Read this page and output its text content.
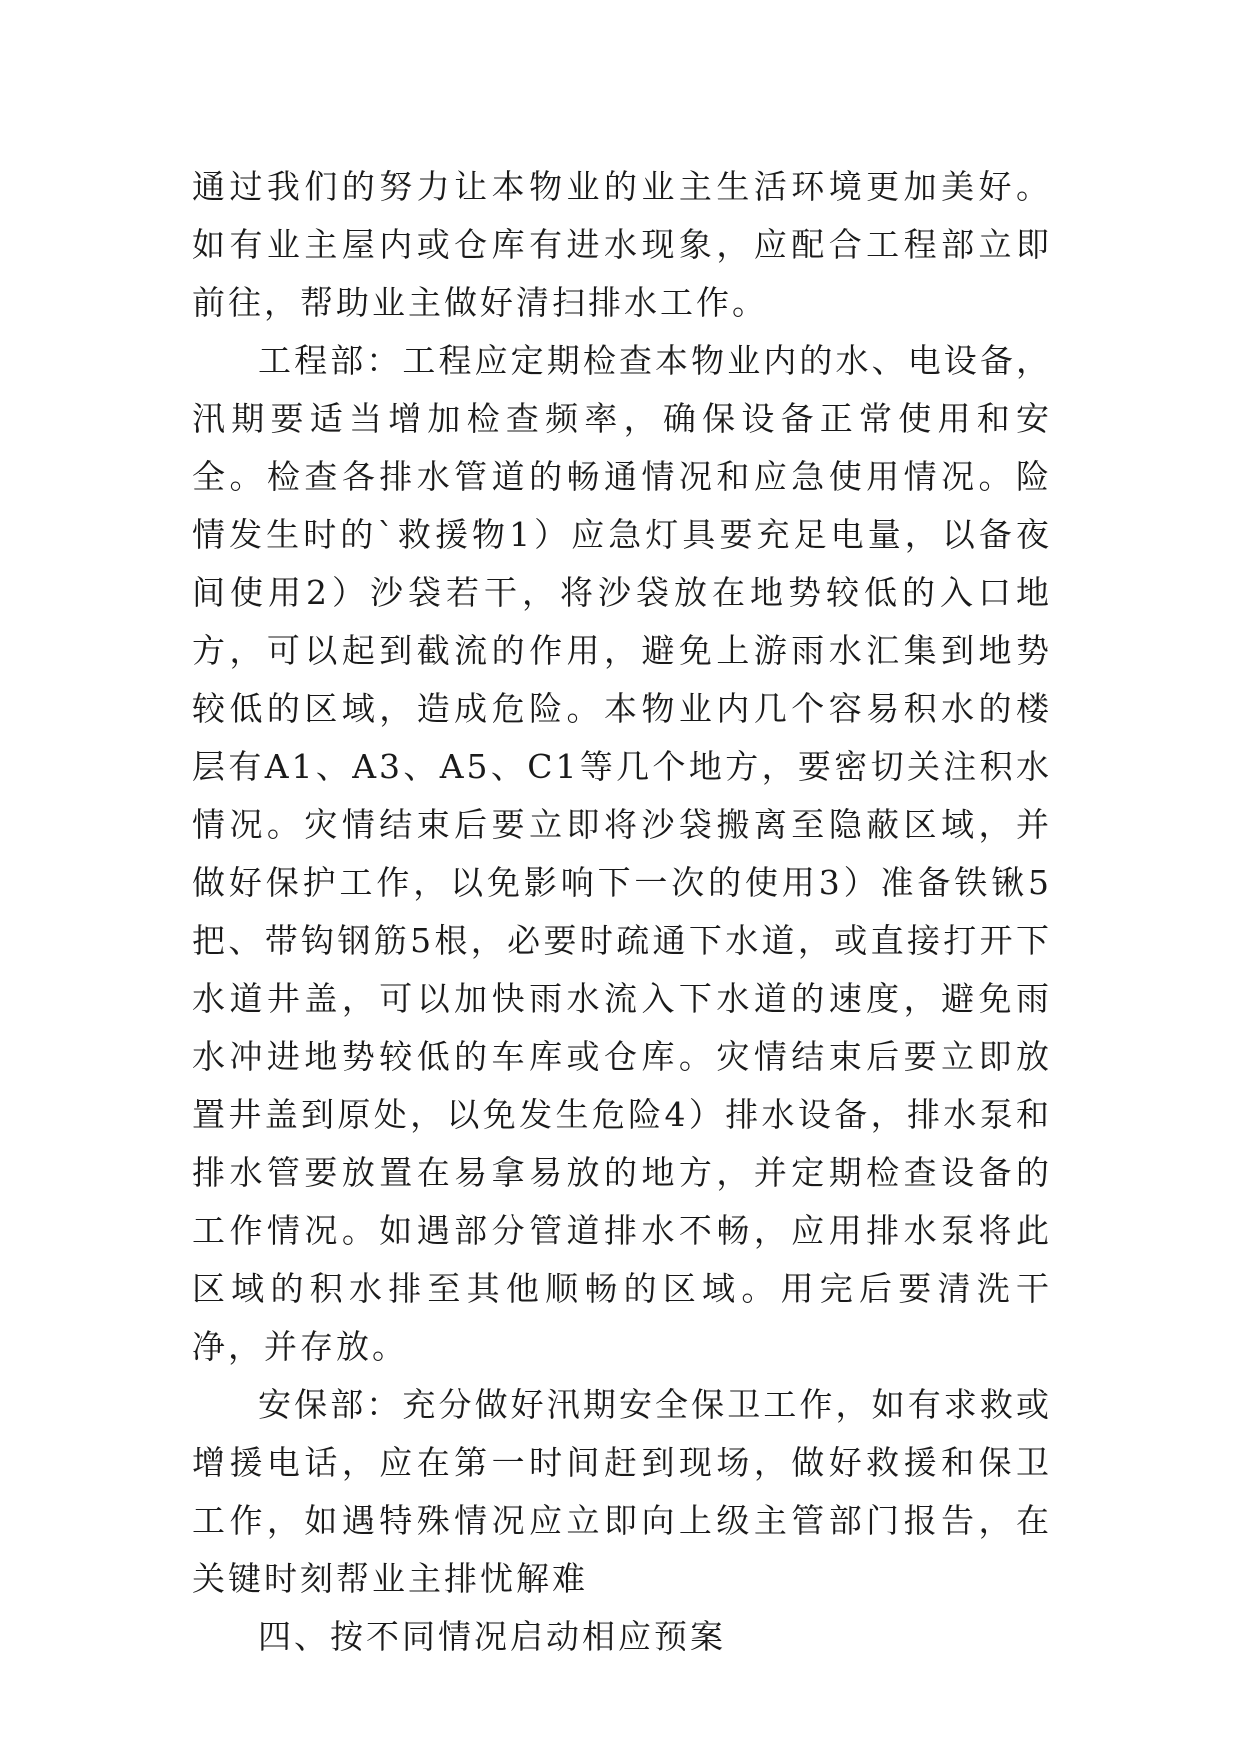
通过我们的努力让本物业的业主生活环境更加美好。如有业主屋内或仓库有进水现象，应配合工程部立即前往，帮助业主做好清扫排水工作。

工程部：工程应定期检查本物业内的水、电设备，汛期要适当增加检查频率，确保设备正常使用和安全。检查各排水管道的畅通情况和应急使用情况。险情发生时的`救援物1）应急灯具要充足电量，以备夜间使用2）沙袋若干，将沙袋放在地势较低的入口地方，可以起到截流的作用，避免上游雨水汇集到地势较低的区域，造成危险。本物业内几个容易积水的楼层有A1、A3、A5、C1等几个地方，要密切关注积水情况。灾情结束后要立即将沙袋搬离至隐蔽区域，并做好保护工作，以免影响下一次的使用3）准备铁锹5把、带钩钢筋5根，必要时疏通下水道，或直接打开下水道井盖，可以加快雨水流入下水道的速度，避免雨水冲进地势较低的车库或仓库。灾情结束后要立即放置井盖到原处，以免发生危险4）排水设备，排水泵和排水管要放置在易拿易放的地方，并定期检查设备的工作情况。如遇部分管道排水不畅，应用排水泵将此区域的积水排至其他顺畅的区域。用完后要清洗干净，并存放。

安保部：充分做好汛期安全保卫工作，如有求救或增援电话，应在第一时间赶到现场，做好救援和保卫工作，如遇特殊情况应立即向上级主管部门报告，在关键时刻帮业主排忧解难

四、按不同情况启动相应预案
